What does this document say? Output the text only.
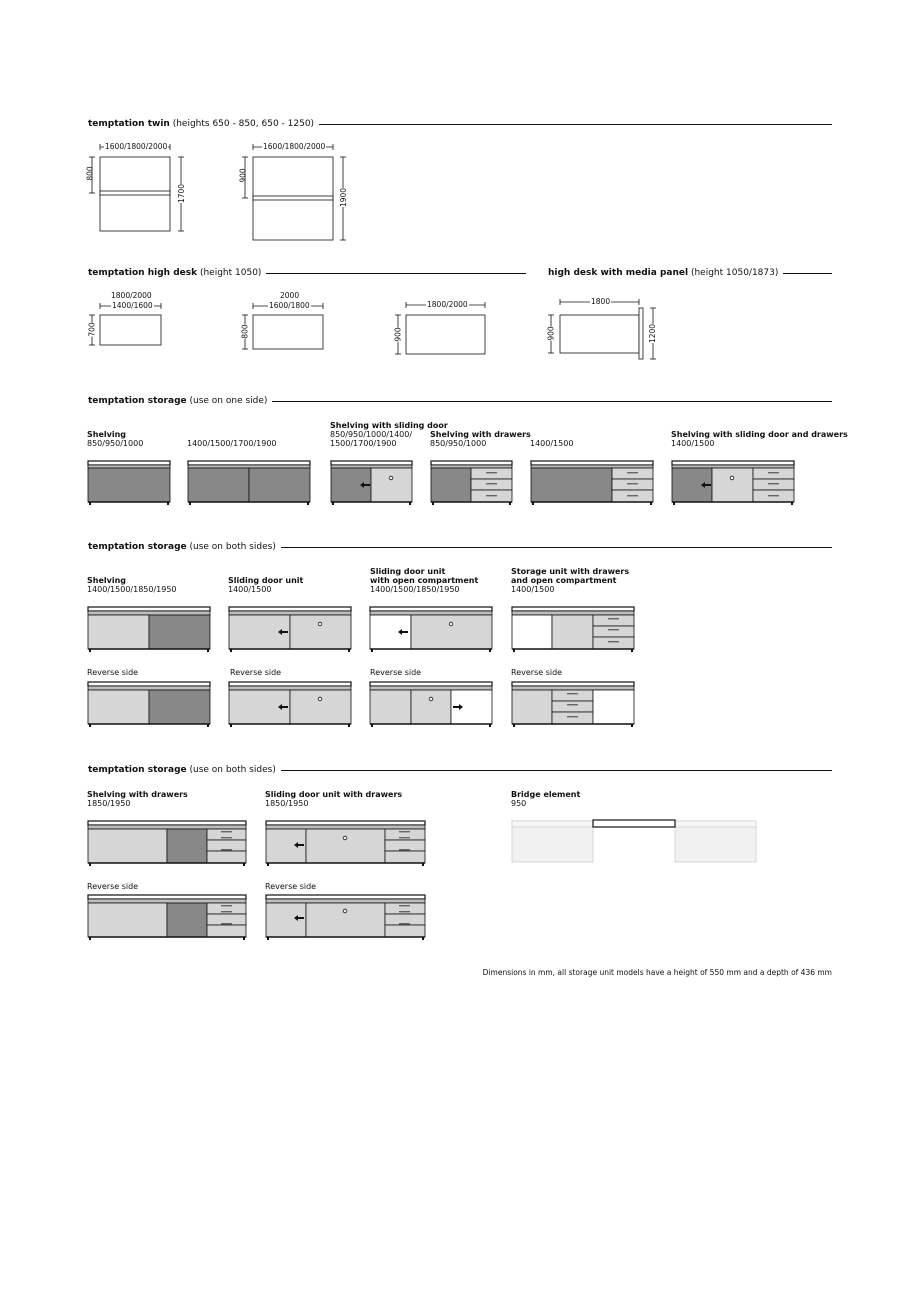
temptation twin (heights 650 - 850, 650 - 1250)
temptation high desk (height 1050)	high desk with media panel (height 1050/1873)
temptation storage (use on one side)
temptation storage (use on both sides)
temptation storage (use on both sides)
1600/1800/2000
800
1700
1600/1800/2000
900
1900
1800/2000
1400/1600
700
2000
1600/1800
800
1800/2000
900
1800
900	1200
Shelving
850/950/1000	1400/1500/1700/1900
Shelving with sliding door
850/950/1000/1400/
1500/1700/1900
Shelving with drawers
850/950/1000	1400/1500
Shelving with sliding door and drawers
1400/1500
Shelving
1400/1500/1850/1950
Sliding door unit
1400/1500
Sliding door unit
with open compartment
1400/1500/1850/1950
Storage unit with drawers
and open compartment
1400/1500
Reverse side	Reverse side	Reverse side	Reverse side
Shelving with drawers
1850/1950
Sliding door unit with drawers
1850/1950
Bridge element
950
Reverse side	Reverse side
Dimensions in mm, all storage unit models have a height of 550 mm and a depth of 436 mm
